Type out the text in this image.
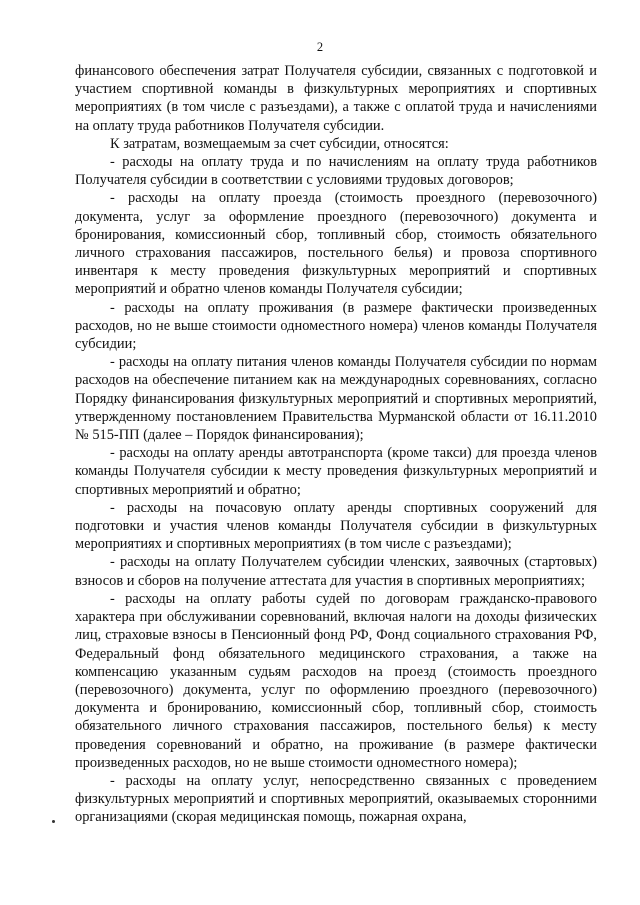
2

финансового обеспечения затрат Получателя субсидии, связанных с подготовкой и участием спортивной команды в физкультурных мероприятиях и спортивных мероприятиях (в том числе с разъездами), а также с оплатой труда и начислениями на оплату труда работников Получателя субсидии.

К затратам, возмещаемым за счет субсидии, относятся:

- расходы на оплату труда и по начислениям на оплату труда работников Получателя субсидии в соответствии с условиями трудовых договоров;

- расходы на оплату проезда (стоимость проездного (перевозочного) документа, услуг за оформление проездного (перевозочного) документа и бронирования, комиссионный сбор, топливный сбор, стоимость обязательного личного страхования пассажиров, постельного белья) и провоза спортивного инвентаря к месту проведения физкультурных мероприятий и спортивных мероприятий и обратно членов команды Получателя субсидии;

- расходы на оплату проживания (в размере фактически произведенных расходов, но не выше стоимости одноместного номера) членов команды Получателя субсидии;

- расходы на оплату питания членов команды Получателя субсидии по нормам расходов на обеспечение питанием как на международных соревнованиях, согласно Порядку финансирования физкультурных мероприятий и спортивных мероприятий, утвержденному постановлением Правительства Мурманской области от 16.11.2010 № 515-ПП (далее – Порядок финансирования);

- расходы на оплату аренды автотранспорта (кроме такси) для проезда членов команды Получателя субсидии к месту проведения физкультурных мероприятий и спортивных мероприятий и обратно;

- расходы на почасовую оплату аренды спортивных сооружений для подготовки и участия членов команды Получателя субсидии в физкультурных мероприятиях и спортивных мероприятиях (в том числе с разъездами);

- расходы на оплату Получателем субсидии членских, заявочных (стартовых) взносов и сборов на получение аттестата для участия в спортивных мероприятиях;

- расходы на оплату работы судей по договорам гражданско-правового характера при обслуживании соревнований, включая налоги на доходы физических лиц, страховые взносы в Пенсионный фонд РФ, Фонд социального страхования РФ, Федеральный фонд обязательного медицинского страхования, а также на компенсацию указанным судьям расходов на проезд (стоимость проездного (перевозочного) документа, услуг по оформлению проездного (перевозочного) документа и бронированию, комиссионный сбор, топливный сбор, стоимость обязательного личного страхования пассажиров, постельного белья) к месту проведения соревнований и обратно, на проживание (в размере фактически произведенных расходов, но не выше стоимости одноместного номера);

- расходы на оплату услуг, непосредственно связанных с проведением физкультурных мероприятий и спортивных мероприятий, оказываемых сторонними организациями (скорая медицинская помощь, пожарная охрана,
